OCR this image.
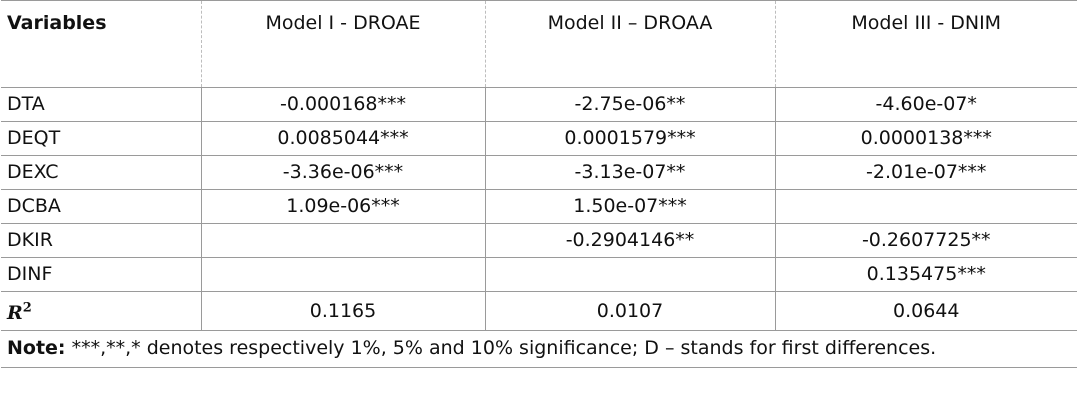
Variables	Model I - DROAE	Model II – DROAA	Model III - DNIM
DTA	-0.000168***	-2.75e-06**	-4.60e-07*
DEQT	0.0085044***	0.0001579***	0.0000138***
DEXC	-3.36e-06***	-3.13e-07**	-2.01e-07***
DCBA	1.09e-06***	1.50e-07***	
DKIR		-0.2904146**	-0.2607725**
DINF			0.135475***
$R^2$	0.1165	0.0107	0.0644
Note: ***,**,* denotes respectively 1%, 5% and 10% significance; D – stands for first differences.
